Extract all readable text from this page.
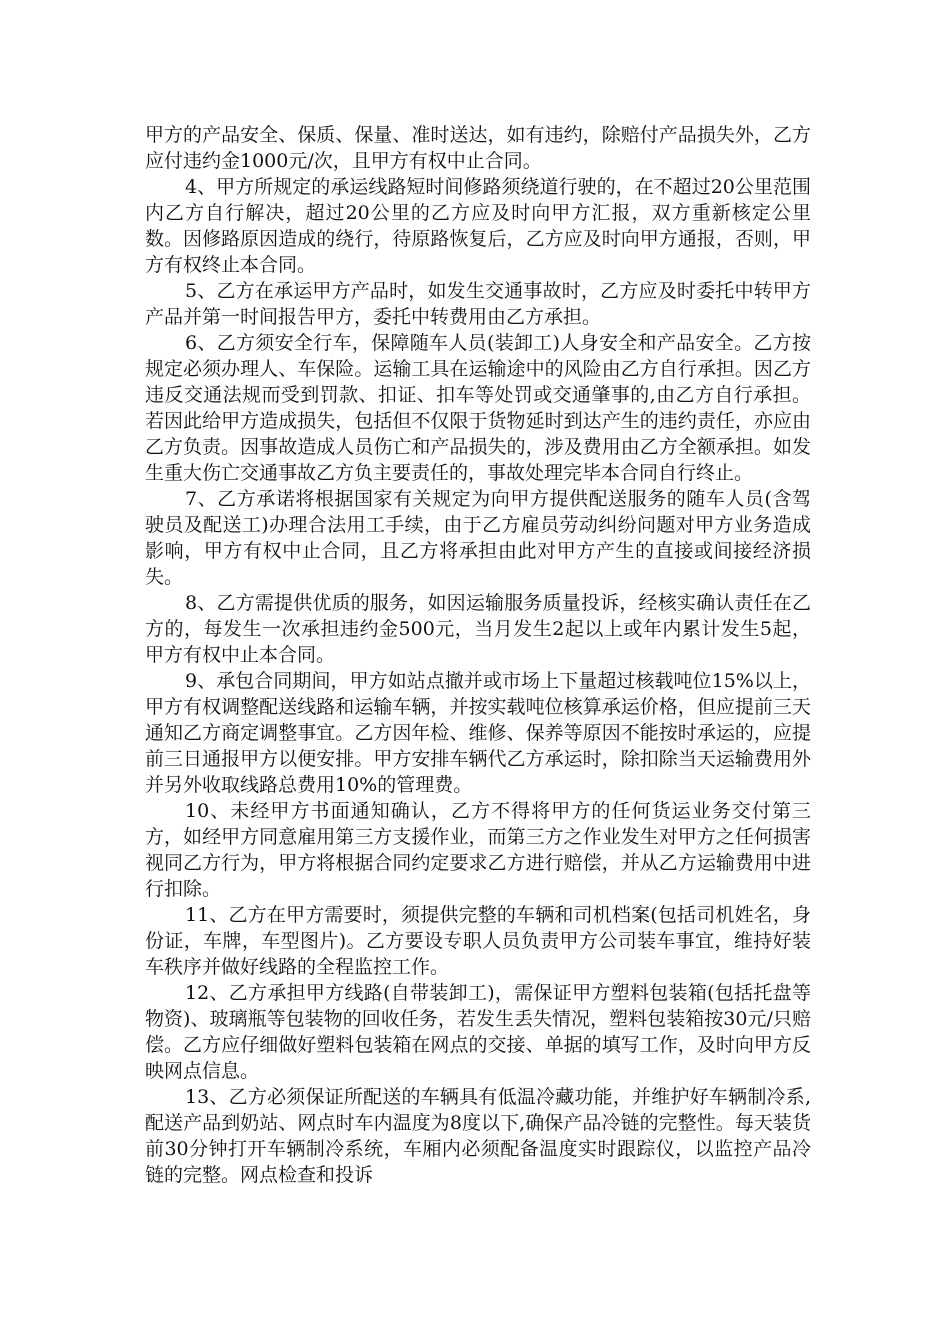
甲方的产品安全、保质、保量、准时送达，如有违约，除赔付产品损失外，乙方应付违约金1000元/次，且甲方有权中止合同。

4、甲方所规定的承运线路短时间修路须绕道行驶的，在不超过20公里范围内乙方自行解决，超过20公里的乙方应及时向甲方汇报，双方重新核定公里数。因修路原因造成的绕行，待原路恢复后，乙方应及时向甲方通报，否则，甲方有权终止本合同。

5、乙方在承运甲方产品时，如发生交通事故时，乙方应及时委托中转甲方产品并第一时间报告甲方，委托中转费用由乙方承担。

6、乙方须安全行车，保障随车人员(装卸工)人身安全和产品安全。乙方按规定必须办理人、车保险。运输工具在运输途中的风险由乙方自行承担。因乙方违反交通法规而受到罚款、扣证、扣车等处罚或交通肇事的,由乙方自行承担。若因此给甲方造成损失，包括但不仅限于货物延时到达产生的违约责任，亦应由乙方负责。因事故造成人员伤亡和产品损失的，涉及费用由乙方全额承担。如发生重大伤亡交通事故乙方负主要责任的，事故处理完毕本合同自行终止。

7、乙方承诺将根据国家有关规定为向甲方提供配送服务的随车人员(含驾驶员及配送工)办理合法用工手续，由于乙方雇员劳动纠纷问题对甲方业务造成影响，甲方有权中止合同，且乙方将承担由此对甲方产生的直接或间接经济损失。

8、乙方需提供优质的服务，如因运输服务质量投诉，经核实确认责任在乙方的，每发生一次承担违约金500元，当月发生2起以上或年内累计发生5起，甲方有权中止本合同。

9、承包合同期间，甲方如站点撤并或市场上下量超过核载吨位15%以上，甲方有权调整配送线路和运输车辆，并按实载吨位核算承运价格，但应提前三天通知乙方商定调整事宜。乙方因年检、维修、保养等原因不能按时承运的，应提前三日通报甲方以便安排。甲方安排车辆代乙方承运时，除扣除当天运输费用外并另外收取线路总费用10%的管理费。

10、未经甲方书面通知确认，乙方不得将甲方的任何货运业务交付第三方，如经甲方同意雇用第三方支援作业，而第三方之作业发生对甲方之任何损害视同乙方行为，甲方将根据合同约定要求乙方进行赔偿，并从乙方运输费用中进行扣除。

11、乙方在甲方需要时，须提供完整的车辆和司机档案(包括司机姓名，身份证，车牌，车型图片)。乙方要设专职人员负责甲方公司装车事宜，维持好装车秩序并做好线路的全程监控工作。

12、乙方承担甲方线路(自带装卸工)，需保证甲方塑料包装箱(包括托盘等物资)、玻璃瓶等包装物的回收任务，若发生丢失情况，塑料包装箱按30元/只赔偿。乙方应仔细做好塑料包装箱在网点的交接、单据的填写工作，及时向甲方反映网点信息。

13、乙方必须保证所配送的车辆具有低温冷藏功能，并维护好车辆制冷系,配送产品到奶站、网点时车内温度为8度以下,确保产品冷链的完整性。每天装货前30分钟打开车辆制冷系统，车厢内必须配备温度实时跟踪仪，以监控产品冷链的完整。网点检查和投诉
